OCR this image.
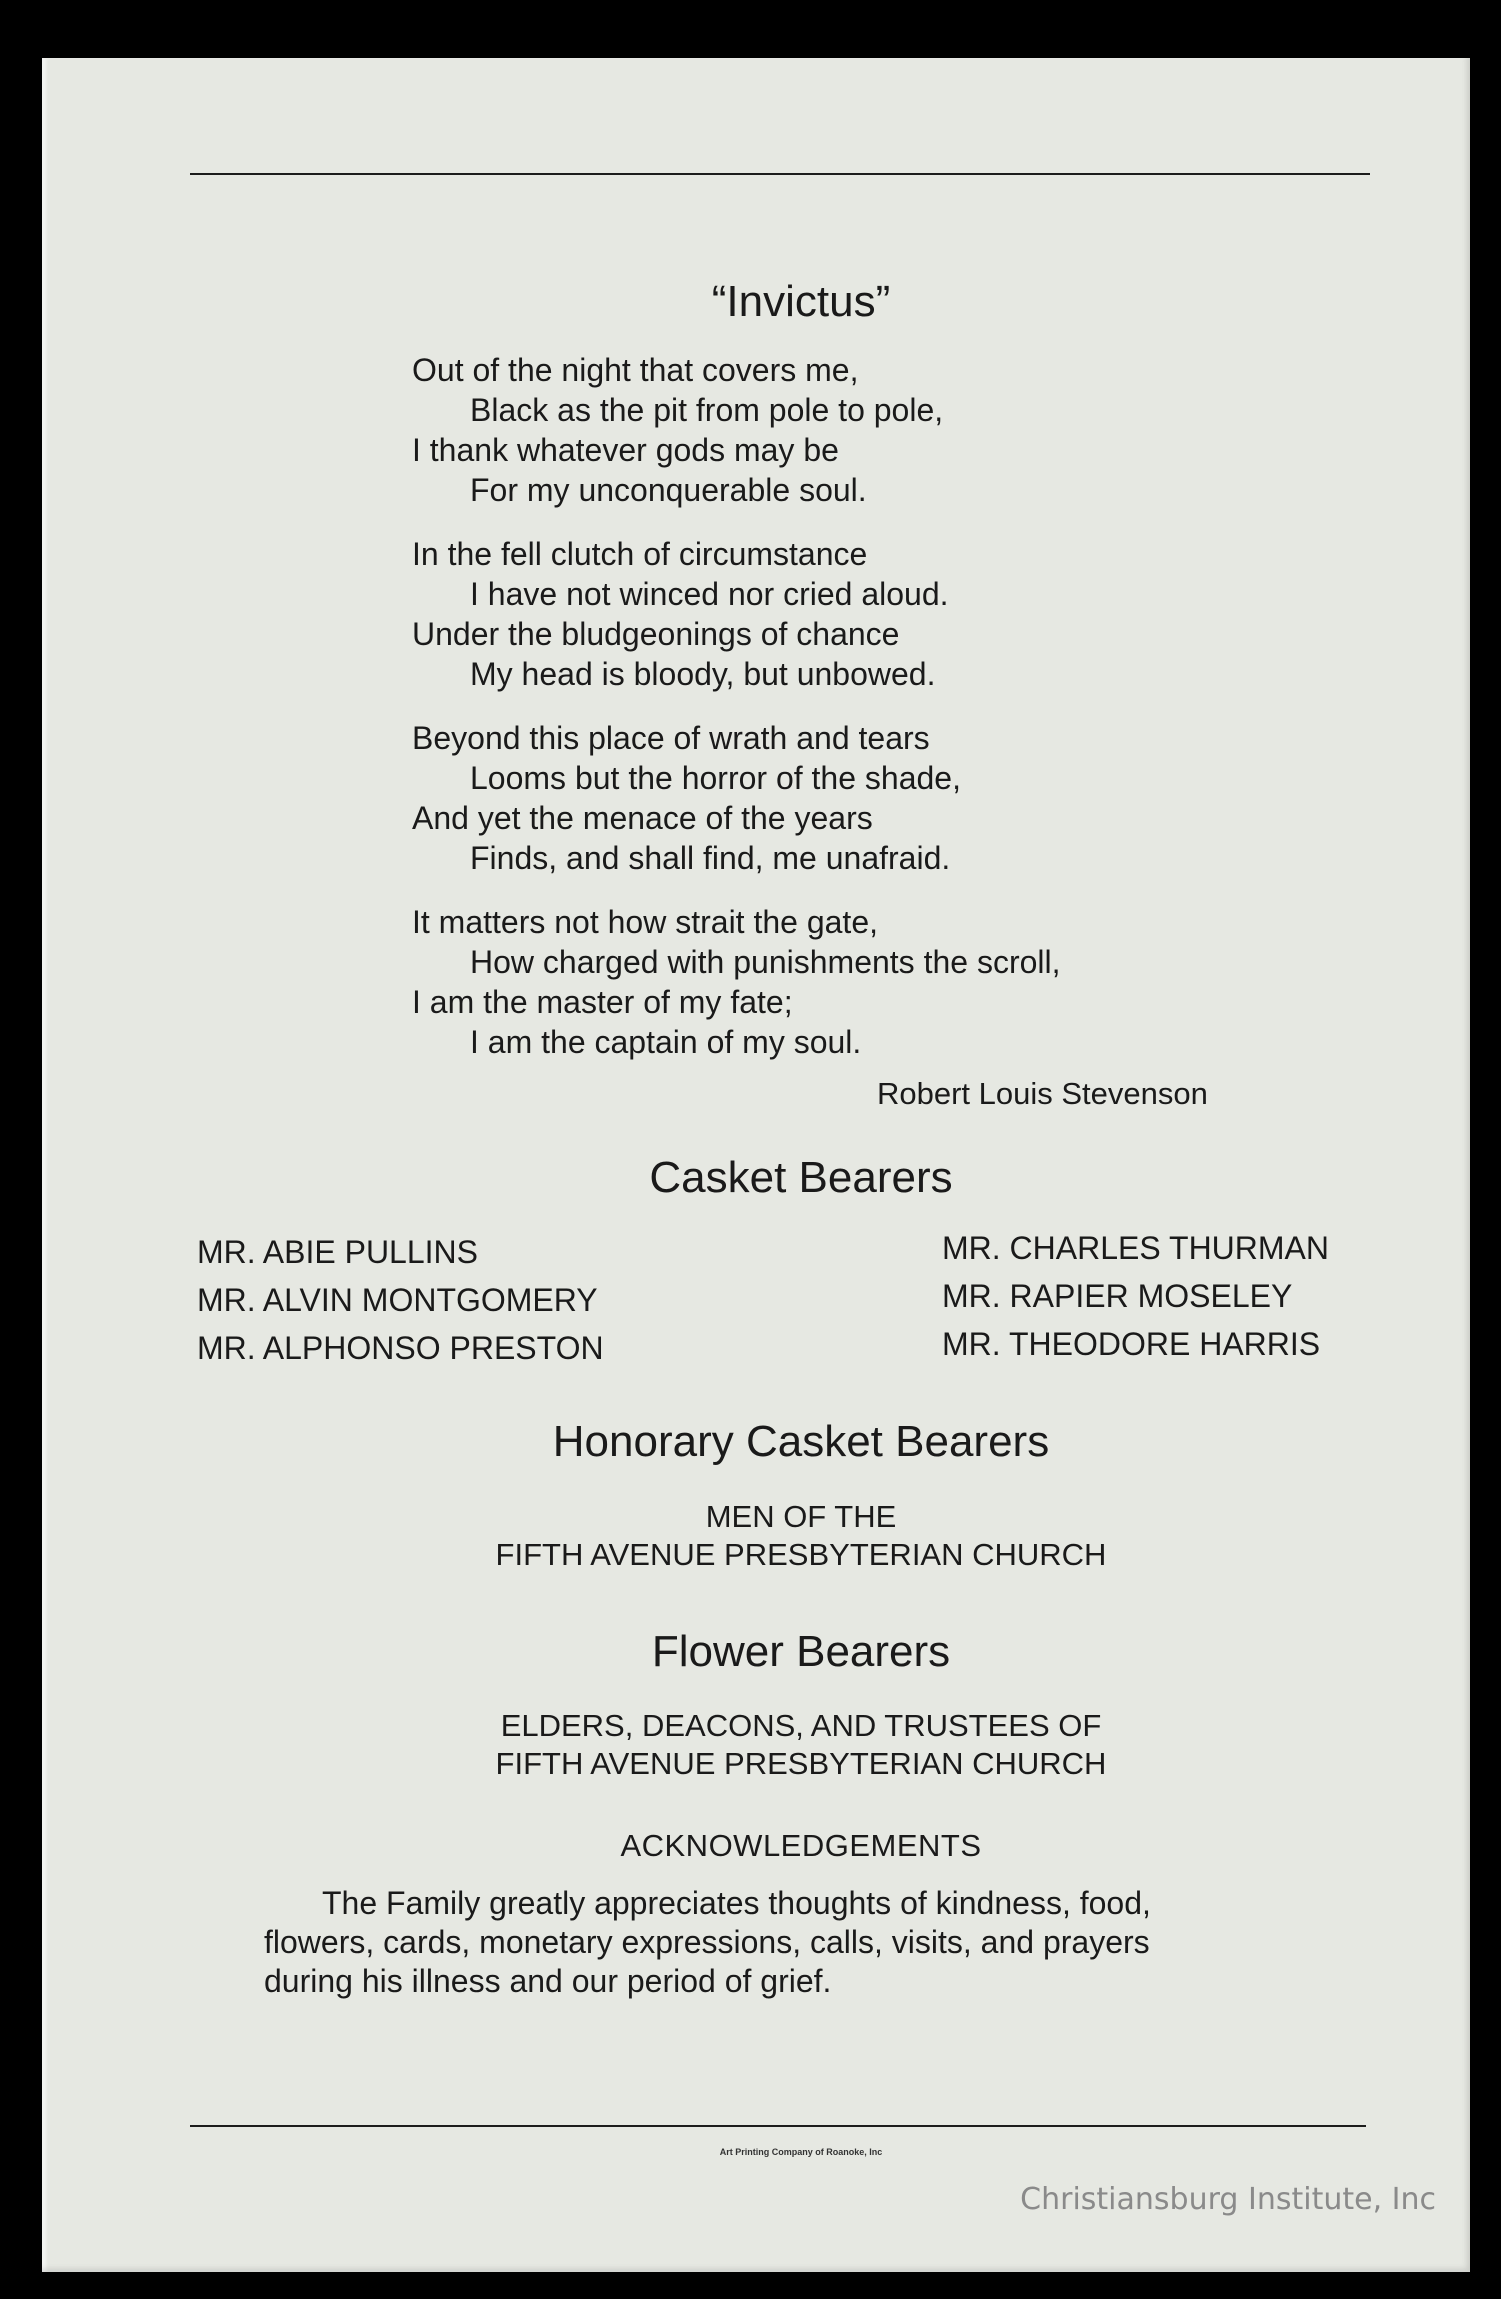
“Invictus”
Out of the night that covers me,
Black as the pit from pole to pole,
I thank whatever gods may be
For my unconquerable soul.
In the fell clutch of circumstance
I have not winced nor cried aloud.
Under the bludgeonings of chance
My head is bloody, but unbowed.
Beyond this place of wrath and tears
Looms but the horror of the shade,
And yet the menace of the years
Finds, and shall find, me unafraid.
It matters not how strait the gate,
How charged with punishments the scroll,
I am the master of my fate;
I am the captain of my soul.
Robert Louis Stevenson
Casket Bearers
MR. ABIE PULLINS
MR. ALVIN MONTGOMERY
MR. ALPHONSO PRESTON
MR. CHARLES THURMAN
MR. RAPIER MOSELEY
MR. THEODORE HARRIS
Honorary Casket Bearers
MEN OF THE
FIFTH AVENUE PRESBYTERIAN CHURCH
Flower Bearers
ELDERS, DEACONS, AND TRUSTEES OF
FIFTH AVENUE PRESBYTERIAN CHURCH
ACKNOWLEDGEMENTS
The Family greatly appreciates thoughts of kindness, food,
flowers, cards, monetary expressions, calls, visits, and prayers
during his illness and our period of grief.
Art Printing Company of Roanoke, Inc
Christiansburg Institute, Inc
